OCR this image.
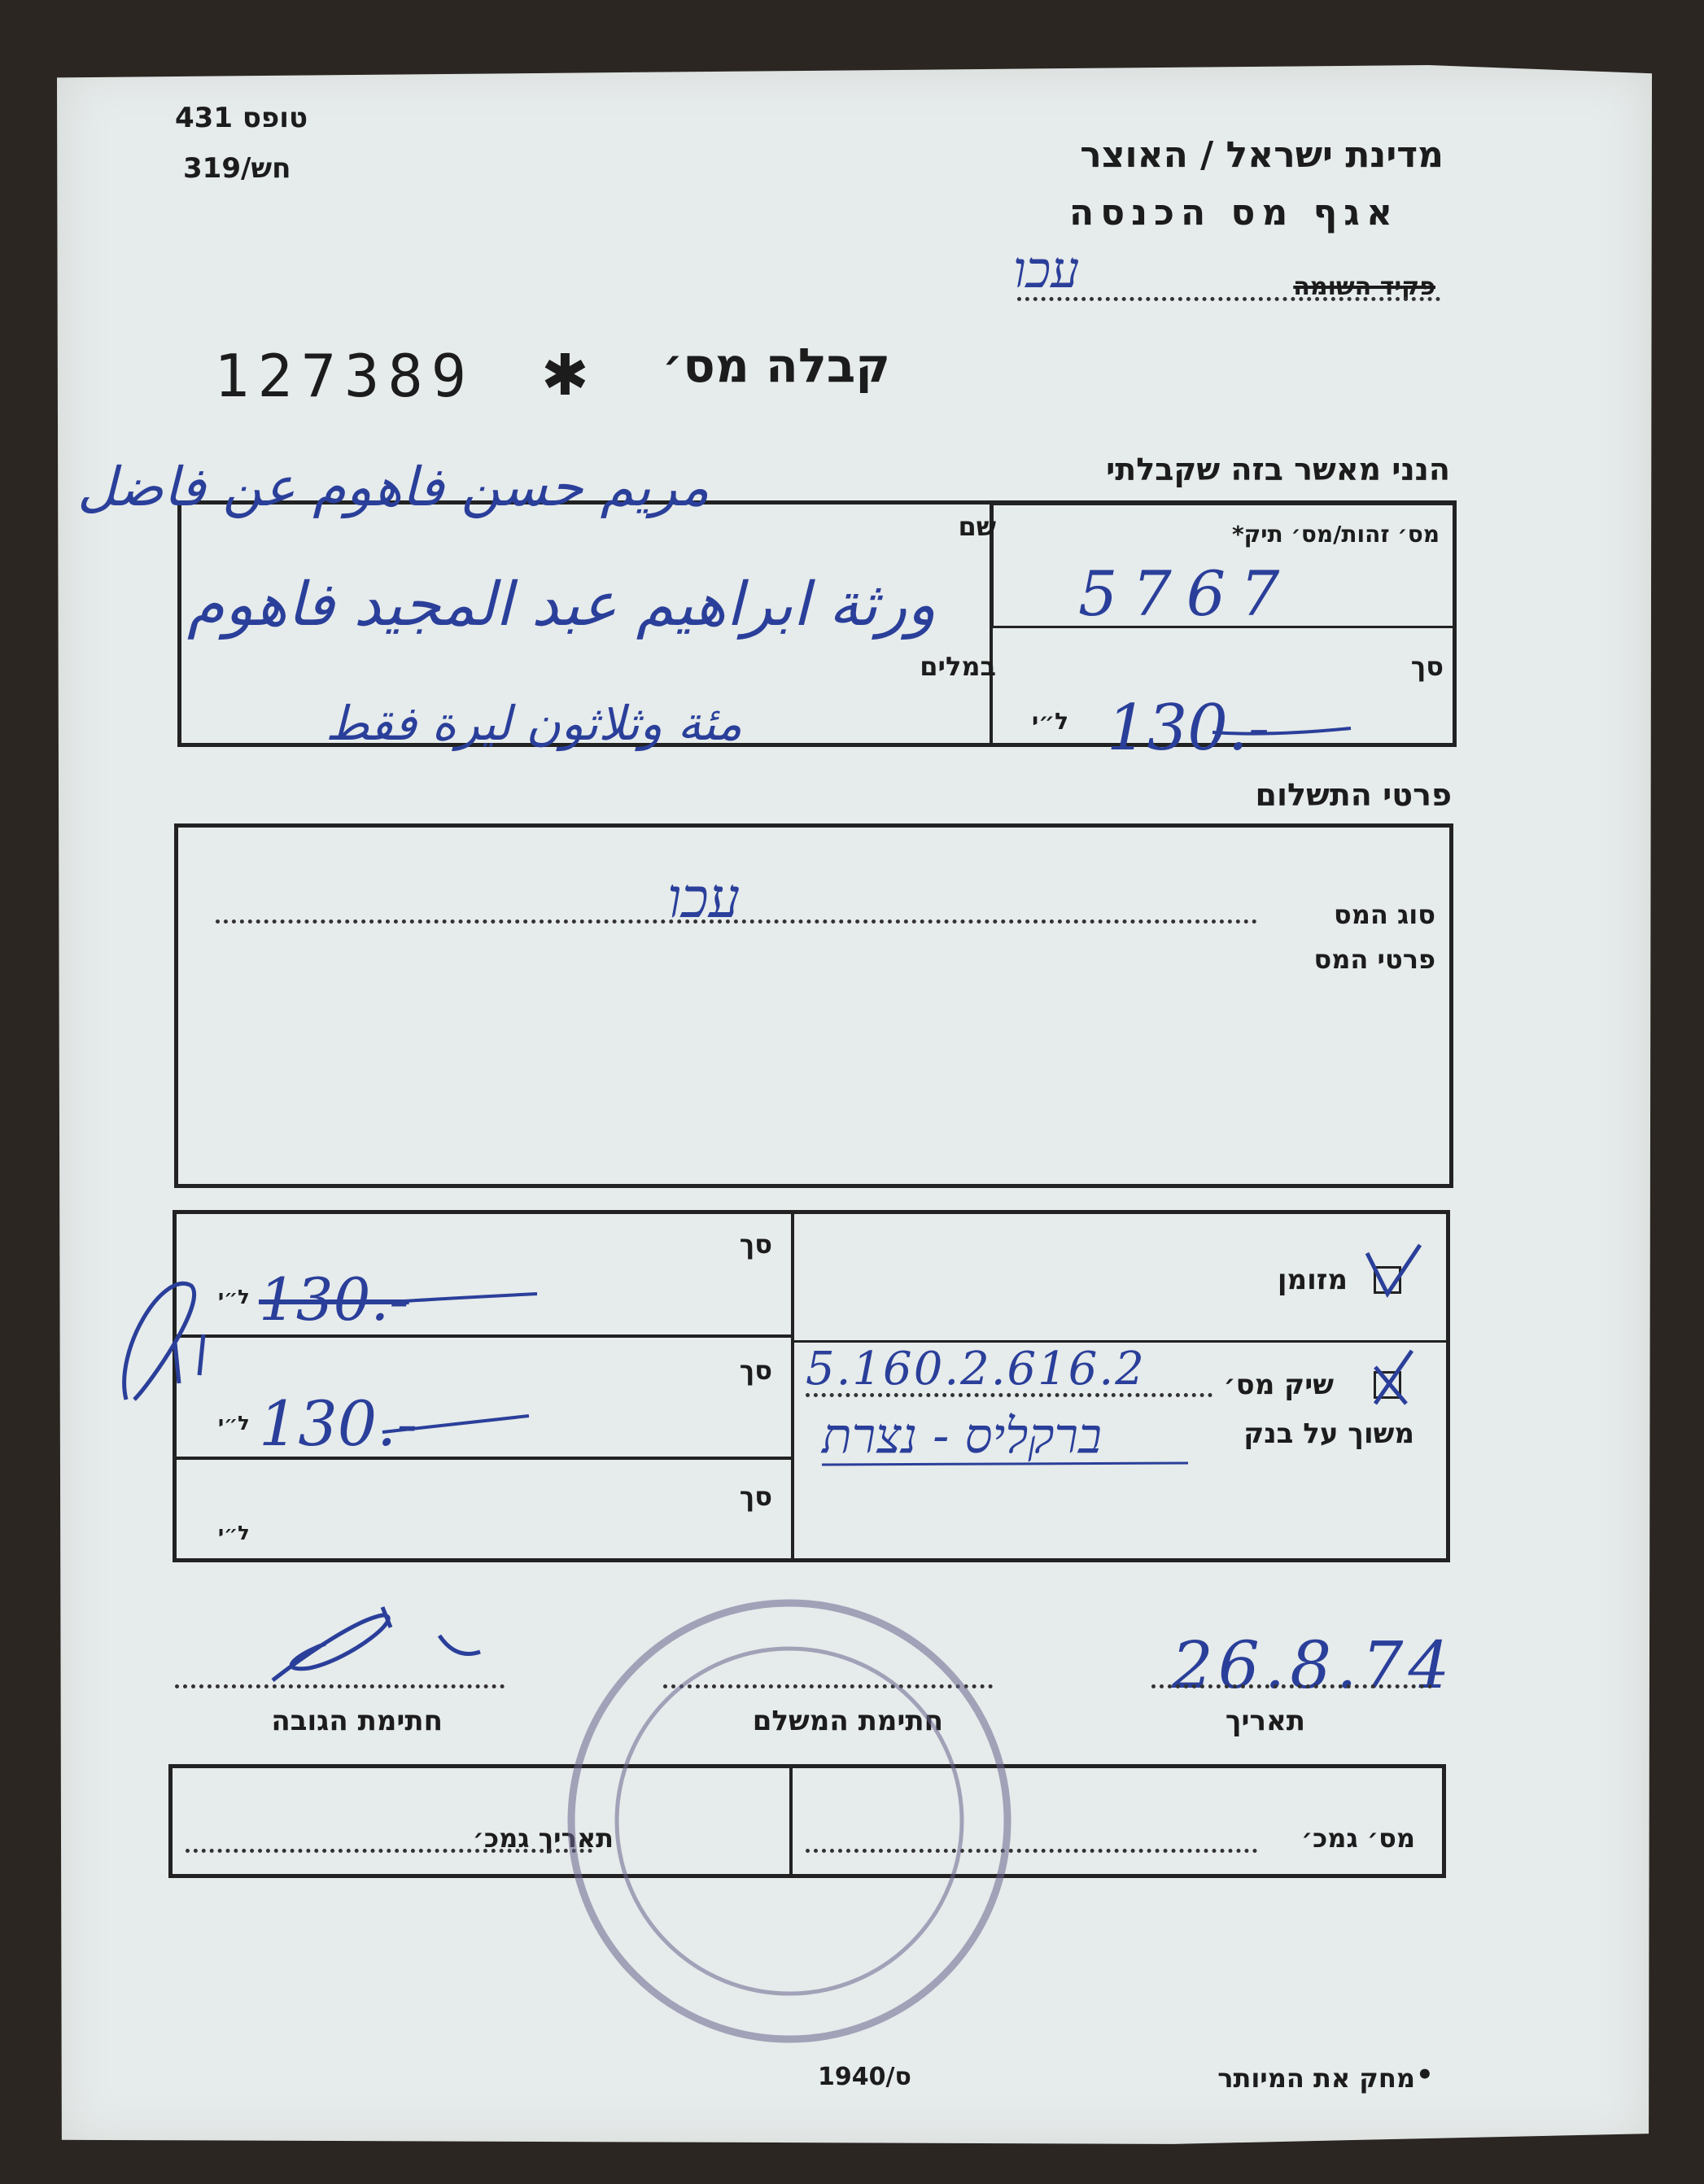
טופס 431
חש/319	מדינת ישראל / האוצר
אגף מס הכנסה
פקיד השומה
עכו
קבלה מס׳
✱
127389
הנני מאשר בזה שקבלתי
מס׳ זהות/מס׳ תיק*
5767
סך
ל״י 130.-
שם
مريم حسن فاهوم عن فاضل
ورثة ابراهيم عبد المجيد فاهوم
במלים
مئة وثلاثون ليرة فقط
פרטי התשלום
סוג המס
עכו
פרטי המס
סך
סך
סך
ל״י
ל״י
ל״י
130.-
130.-
מזומן
שיק מס׳
5.160.2.616.2
משוך על בנק
ברקליס - נצרת
26.8.74
תאריך
חתימת המשלם
חתימת הגובה
מס׳ גמכ׳
תאריך גמכ׳
ס/1940	מחק את המיותר •
